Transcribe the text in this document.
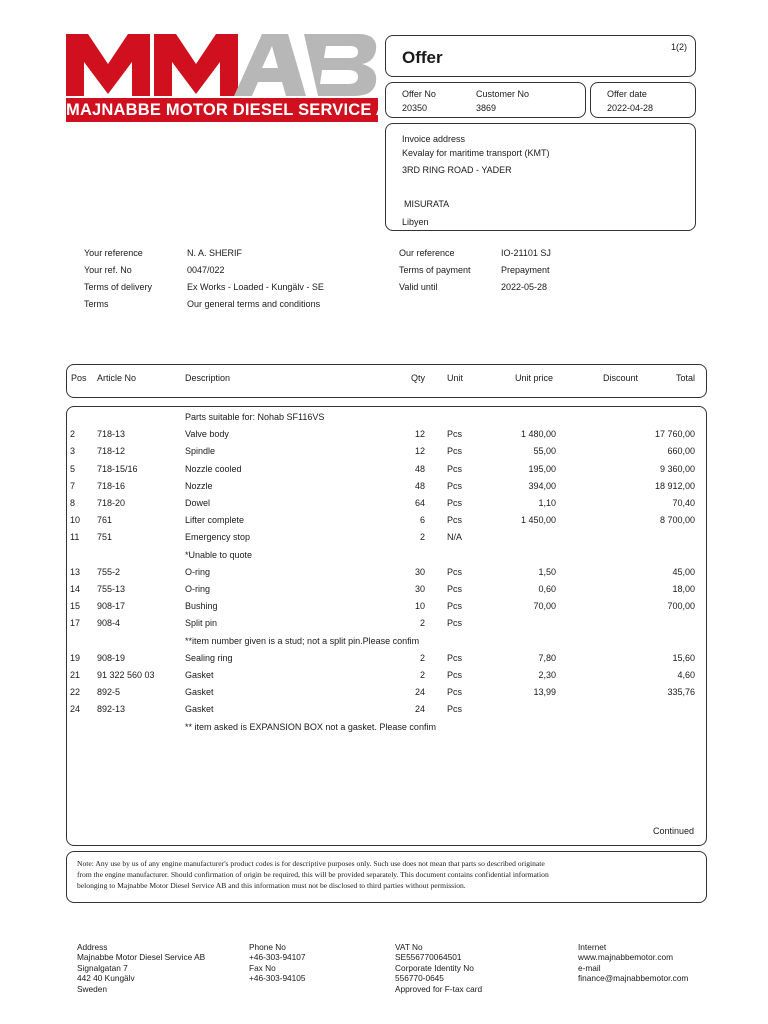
MAJNABBE MOTOR DIESEL SERVICE AB
Offer
1(2)
Offer No
20350
Customer No
3869
Offer date
2022-04-28
Invoice address
Kevalay for maritime transport (KMT)
3RD RING ROAD - YADER
MISURATA
Libyen
Your reference	N. A. SHERIF
Your ref. No	0047/022
Terms of delivery	Ex Works - Loaded - Kungälv - SE
Terms	Our general terms and conditions
Our reference	IO-21101 SJ
Terms of payment	Prepayment
Valid until	2022-05-28
Pos Article No	Description	Qty Unit	Unit price	Discount	Total
Parts suitable for: Nohab SF116VS
2 718-13	Valve body	12 Pcs	1 480,00	17 760,00
3 718-12	Spindle	12 Pcs	55,00	660,00
5 718-15/16	Nozzle cooled	48 Pcs	195,00	9 360,00
7 718-16	Nozzle	48 Pcs	394,00	18 912,00
8 718-20	Dowel	64 Pcs	1,10	70,40
10 761	Lifter complete	6 Pcs	1 450,00	8 700,00
11 751	Emergency stop	2 N/A
*Unable to quote
13 755-2	O-ring	30 Pcs	1,50	45,00
14 755-13	O-ring	30 Pcs	0,60	18,00
15 908-17	Bushing	10 Pcs	70,00	700,00
17 908-4	Split pin	2 Pcs
**item number given is a stud; not a split pin.Please confim
19 908-19	Sealing ring	2 Pcs	7,80	15,60
21 91 322 560 03	Gasket	2 Pcs	2,30	4,60
22 892-5	Gasket	24 Pcs	13,99	335,76
24 892-13	Gasket	24 Pcs
** item asked is EXPANSION BOX not a gasket. Please confim
Continued
Note: Any use by us of any engine manufacturer's product codes is for descriptive purposes only. Such use does not mean that parts so described originate
from the engine manufacturer. Should confirmation of origin be required, this will be provided separately. This document contains confidential information
belonging to Majnabbe Motor Diesel Service AB and this information must not be disclosed to third parties without permission.
Address
Majnabbe Motor Diesel Service AB
Signalgatan 7
442 40 Kungälv
Sweden
Phone No
+46-303-94107
Fax No
+46-303-94105
VAT No
SE556770064501
Corporate Identity No
556770-0645
Approved for F-tax card
Internet
www.majnabbemotor.com
e-mail
finance@majnabbemotor.com
